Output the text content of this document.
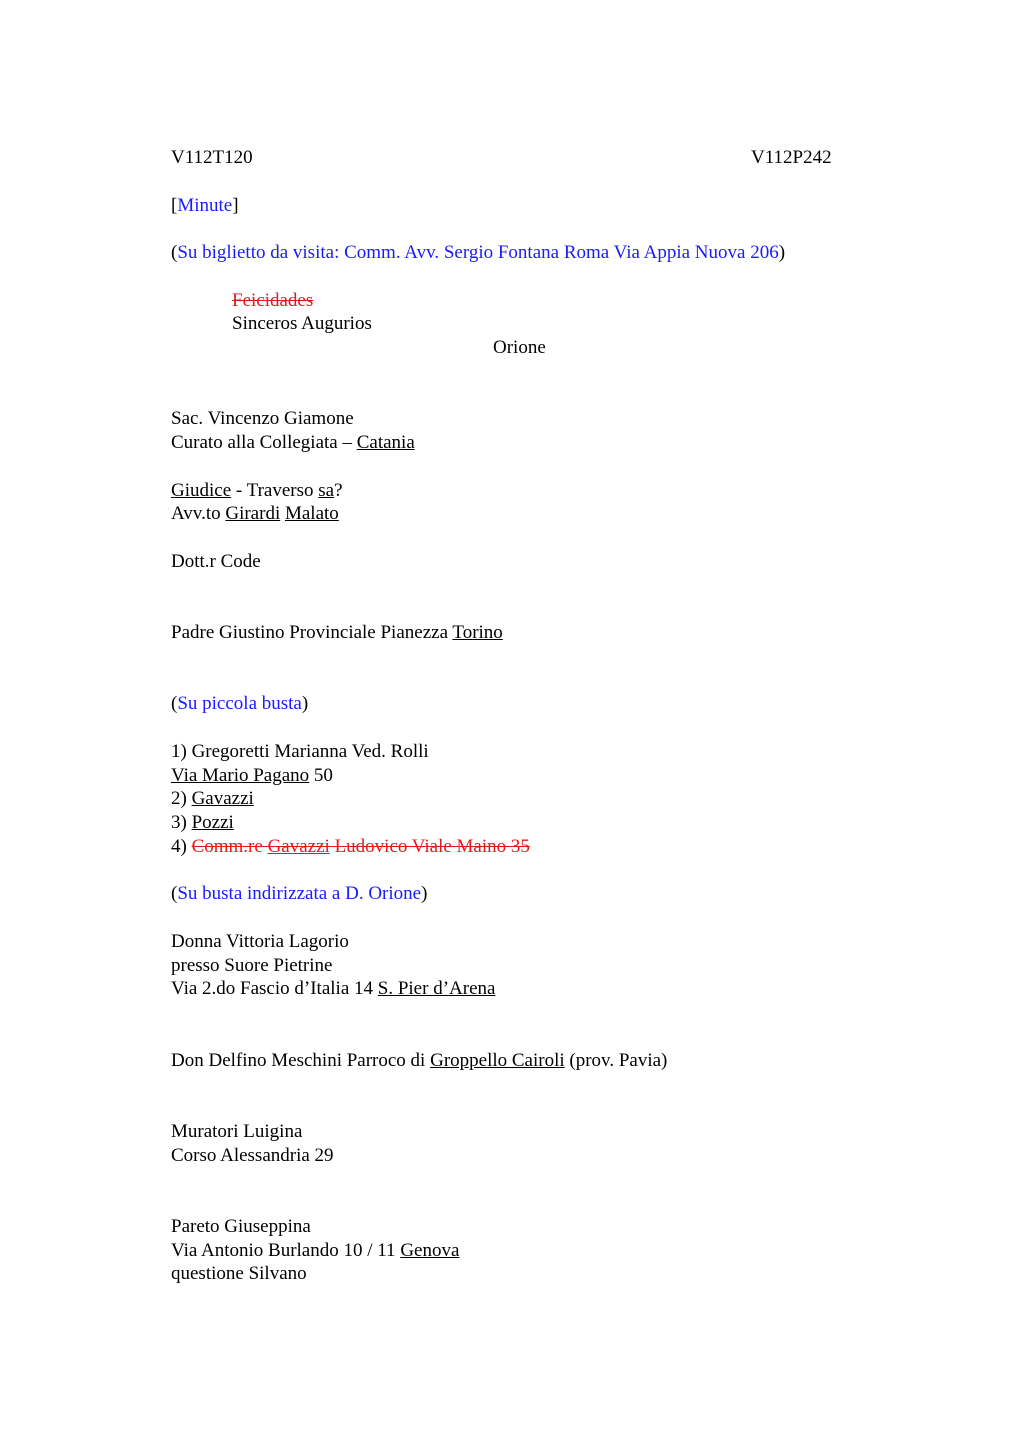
V112T120	V112P242
[Minute]
(Su biglietto da visita: Comm. Avv. Sergio Fontana Roma Via Appia Nuova 206)
Feicidades
Sinceros Augurios
Orione
Sac. Vincenzo Giamone
Curato alla Collegiata – Catania
Giudice - Traverso sa?
Avv.to Girardi Malato
Dott.r Code
Padre Giustino Provinciale Pianezza Torino
(Su piccola busta)
1) Gregoretti Marianna Ved. Rolli
Via Mario Pagano 50
2) Gavazzi
3) Pozzi
4) Comm.re Gavazzi Ludovico Viale Maino 35
(Su busta indirizzata a D. Orione)
Donna Vittoria Lagorio
presso Suore Pietrine
Via 2.do Fascio d’Italia 14 S. Pier d’Arena
Don Delfino Meschini Parroco di Groppello Cairoli (prov. Pavia)
Muratori Luigina
Corso Alessandria 29
Pareto Giuseppina
Via Antonio Burlando 10 / 11 Genova
questione Silvano
